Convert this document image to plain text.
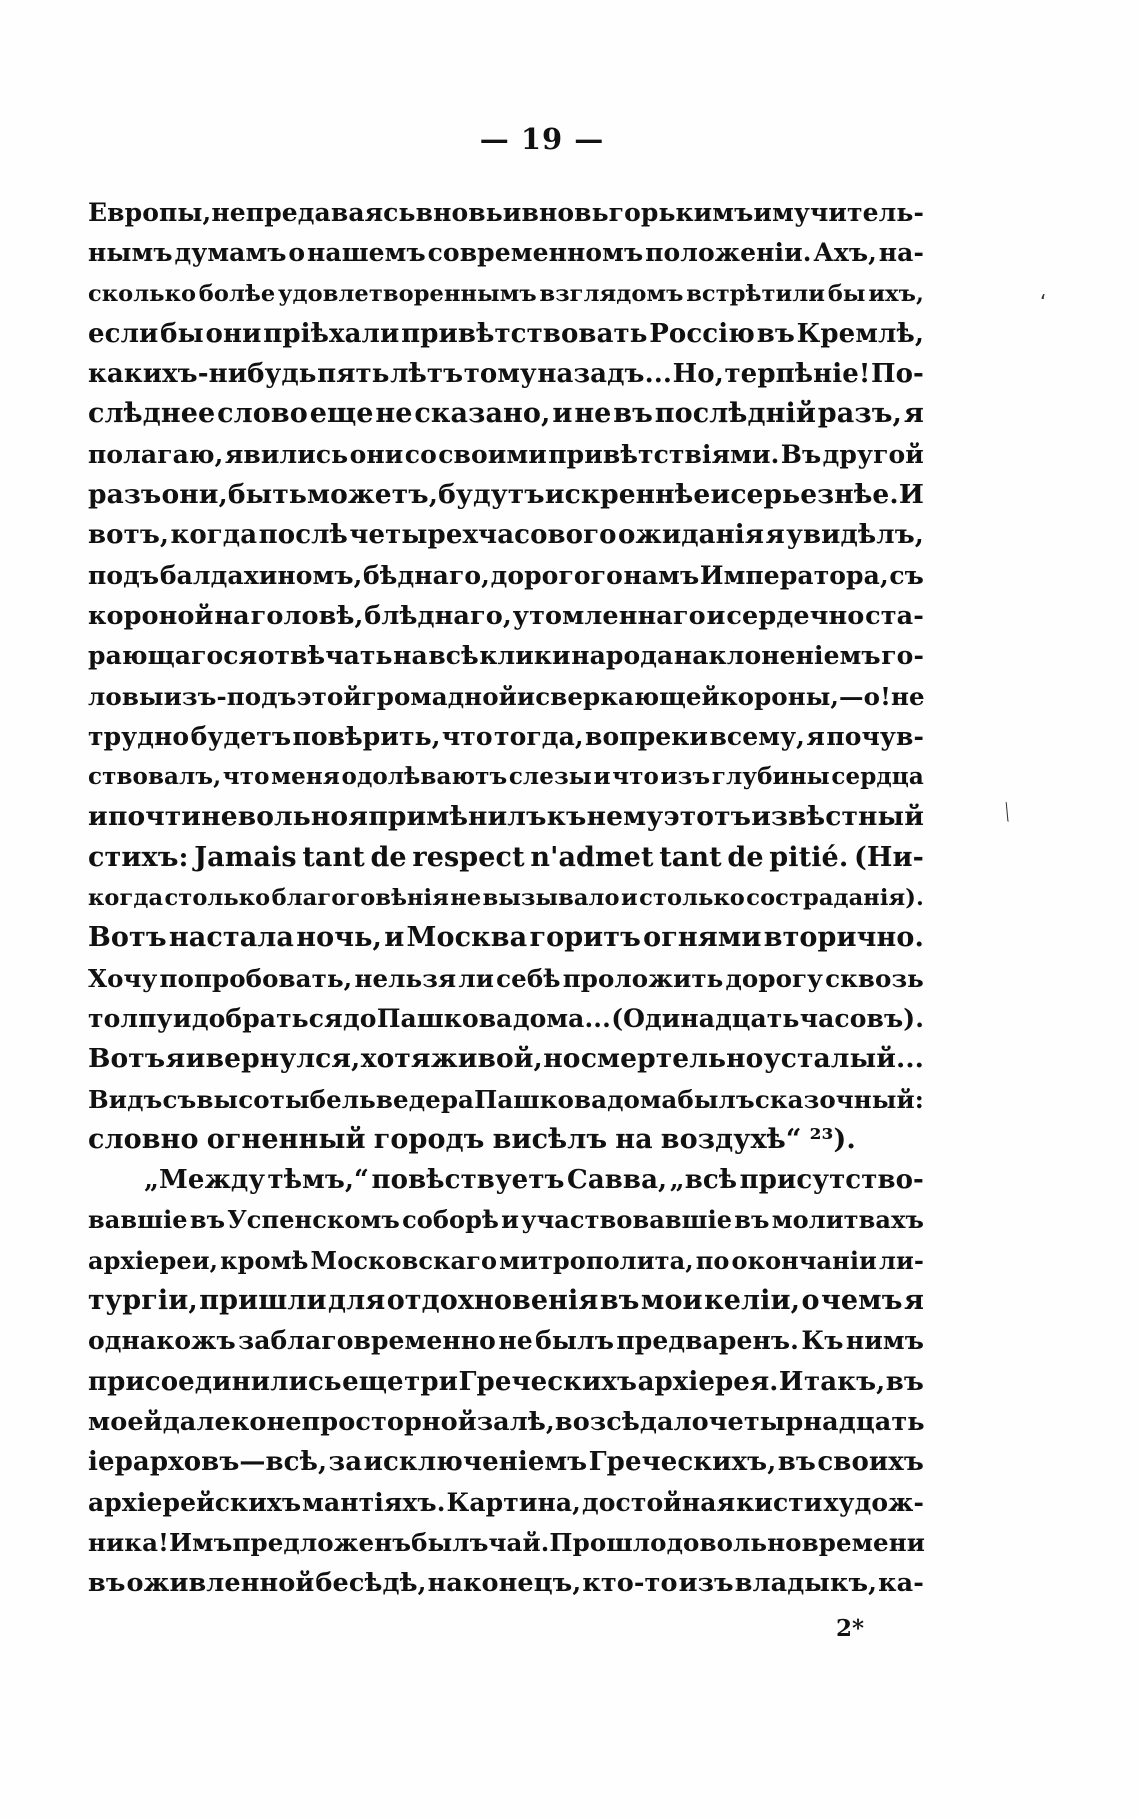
— 19 —
Европы, не предаваясь вновь и вновь горькимъ и мучитель-
нымъ думамъ о нашемъ современномъ положенiи. Ахъ, на-
сколько болѣе удовлетвореннымъ взглядомъ встрѣтили бы ихъ,
если бы они прiѣхали привѣтствовать Россiю въ Кремлѣ,
какихъ-нибудь пять лѣтъ тому назадъ... Но, терпѣнiе! По-
слѣднее слово еще не сказано, и не въ послѣднiй разъ, я
полагаю, явились они со своими привѣтствiями. Въ другой
разъ они, быть можетъ, будутъ искреннѣе и серьезнѣе. И
вотъ, когда послѣ четырехчасового ожиданiя я увидѣлъ,
подъ балдахиномъ, бѣднаго, дорогого намъ Императора, съ
короной на головѣ, блѣднаго, утомленнаго и сердечно ста-
рающагося отвѣчать на всѣ клики народа наклоненiемъ го-
ловы изъ-подъ этой громадной и сверкающей короны,—о! не
трудно будетъ повѣрить, что тогда, вопреки всему, я почув-
ствовалъ, что меня одолѣваютъ слезы и что изъ глубины сердца
и почти невольно я примѣнилъ къ нему этотъ извѣстный
стихъ: Jamais tant de respect n'admet tant de pitié. (Ни-
когда столько благоговѣнiя не вызывало и столько состраданiя).
Вотъ настала ночь, и Москва горитъ огнями вторично.
Хочу попробовать, нельзя ли себѣ проложить дорогу сквозь
толпу и добраться до Пашкова дома... (Одинадцать часовъ).
Вотъ я и вернулся, хотя живой, но смертельно усталый...
Видъ съ высоты бельведера Пашкова дома былъ сказочный:
словно огненный городъ висѣлъ на воздухѣ“ ²³).
„Между тѣмъ,“ повѣствуетъ Савва, „всѣ присутство-
вавшiе въ Успенскомъ соборѣ и участвовавшiе въ молитвахъ
архiереи, кромѣ Московскаго митрополита, по окончанiи ли-
тургiи, пришли для отдохновенiя въ мои келiи, о чемъ я
однакожъ заблаговременно не былъ предваренъ. Къ нимъ
присоединились еще три Греческихъ архiерея. И такъ, въ
моей далеко не просторной залѣ, возсѣдало четырнадцать
iерарховъ—всѣ, за исключенiемъ Греческихъ, въ своихъ
архiерейскихъ мантiяхъ. Картина, достойная кисти худож-
ника! Имъ предложенъ былъ чай. Прошло довольно времени
въ оживленной бесѣдѣ, наконецъ, кто-то изъ владыкъ, ка-
2*
‘
⟍
